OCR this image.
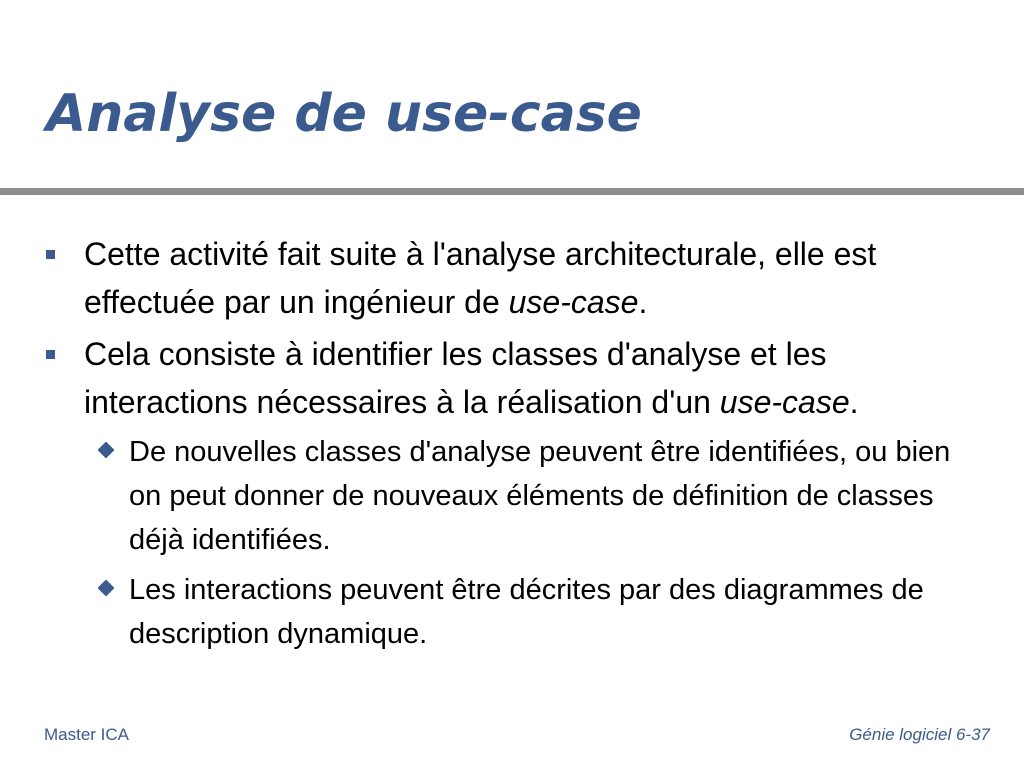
Analyse de use-case
Cette activité fait suite à l'analyse architecturale, elle est effectuée par un ingénieur de use-case.
Cela consiste à identifier les classes d'analyse et les interactions nécessaires à la réalisation d'un use-case.
De nouvelles classes d'analyse peuvent être identifiées, ou bien on peut donner de nouveaux éléments de définition de classes déjà identifiées.
Les interactions peuvent être décrites par des diagrammes de description dynamique.
Master ICA	Génie logiciel 6-37
